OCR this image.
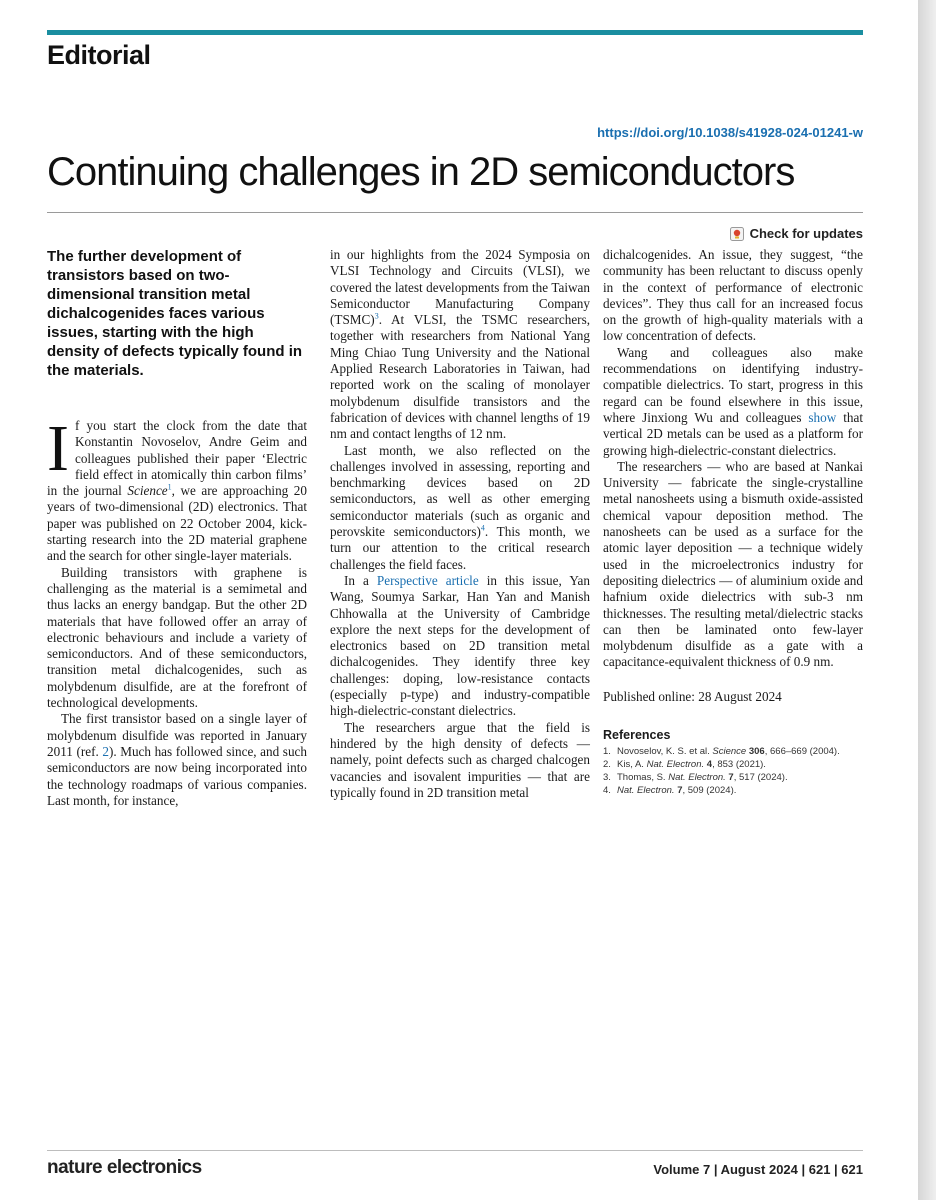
Editorial
https://doi.org/10.1038/s41928-024-01241-w
Continuing challenges in 2D semiconductors
Check for updates

The further development of transistors based on two-dimensional transition metal dichalcogenides faces various issues, starting with the high density of defects typically found in the materials.

If you start the clock from the date that Konstantin Novoselov, Andre Geim and colleagues published their paper ‘Electric field effect in atomically thin carbon films’ in the journal Science$^1$, we are approaching 20 years of two-dimensional (2D) electronics. That paper was published on 22 October 2004, kick-starting research into the 2D material graphene and the search for other single-layer materials.

Building transistors with graphene is challenging as the material is a semimetal and thus lacks an energy bandgap. But the other 2D materials that have followed offer an array of electronic behaviours and include a variety of semiconductors. And of these semiconductors, transition metal dichalcogenides, such as molybdenum disulfide, are at the forefront of technological developments.

The first transistor based on a single layer of molybdenum disulfide was reported in January 2011 (ref. 2). Much has followed since, and such semiconductors are now being incorporated into the technology roadmaps of various companies. Last month, for instance,

in our highlights from the 2024 Symposia on VLSI Technology and Circuits (VLSI), we covered the latest developments from the Taiwan Semiconductor Manufacturing Company (TSMC)$^3$. At VLSI, the TSMC researchers, together with researchers from National Yang Ming Chiao Tung University and the National Applied Research Laboratories in Taiwan, had reported work on the scaling of monolayer molybdenum disulfide transistors and the fabrication of devices with channel lengths of 19 nm and contact lengths of 12 nm.

Last month, we also reflected on the challenges involved in assessing, reporting and benchmarking devices based on 2D semiconductors, as well as other emerging semiconductor materials (such as organic and perovskite semiconductors)$^4$. This month, we turn our attention to the critical research challenges the field faces.

In a Perspective article in this issue, Yan Wang, Soumya Sarkar, Han Yan and Manish Chhowalla at the University of Cambridge explore the next steps for the development of electronics based on 2D transition metal dichalcogenides. They identify three key challenges: doping, low-resistance contacts (especially p-type) and industry-compatible high-dielectric-constant dielectrics.

The researchers argue that the field is hindered by the high density of defects — namely, point defects such as charged chalcogen vacancies and isovalent impurities — that are typically found in 2D transition metal

dichalcogenides. An issue, they suggest, “the community has been reluctant to discuss openly in the context of performance of electronic devices”. They thus call for an increased focus on the growth of high-quality materials with a low concentration of defects.

Wang and colleagues also make recommendations on identifying industry-compatible dielectrics. To start, progress in this regard can be found elsewhere in this issue, where Jinxiong Wu and colleagues show that vertical 2D metals can be used as a platform for growing high-dielectric-constant dielectrics.

The researchers — who are based at Nankai University — fabricate the single-crystalline metal nanosheets using a bismuth oxide-assisted chemical vapour deposition method. The nanosheets can be used as a surface for the atomic layer deposition — a technique widely used in the microelectronics industry for depositing dielectrics — of aluminium oxide and hafnium oxide dielectrics with sub-3 nm thicknesses. The resulting metal/dielectric stacks can then be laminated onto few-layer molybdenum disulfide as a gate with a capacitance-equivalent thickness of 0.9 nm.

Published online: 28 August 2024

References
1. Novoselov, K. S. et al. Science 306, 666–669 (2004).
2. Kis, A. Nat. Electron. 4, 853 (2021).
3. Thomas, S. Nat. Electron. 7, 517 (2024).
4. Nat. Electron. 7, 509 (2024).
nature electronics	Volume 7 | August 2024 | 621 | 621
